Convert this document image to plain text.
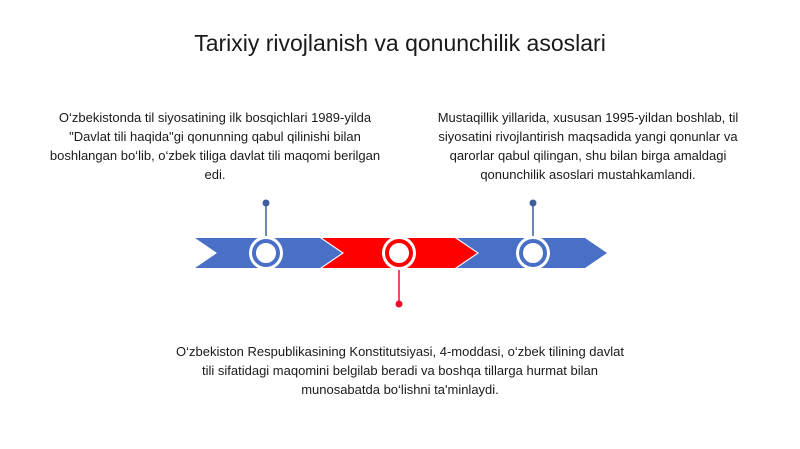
Tarixiy rivojlanish va qonunchilik asoslari
O‘zbekistonda til siyosatining ilk bosqichlari 1989-yilda "Davlat tili haqida"gi qonunning qabul qilinishi bilan boshlangan bo‘lib, o‘zbek tiliga davlat tili maqomi berilgan edi.
Mustaqillik yillarida, xususan 1995-yildan boshlab, til siyosatini rivojlantirish maqsadida yangi qonunlar va qarorlar qabul qilingan, shu bilan birga amaldagi qonunchilik asoslari mustahkamlandi.
O‘zbekiston Respublikasining Konstitutsiyasi, 4-moddasi, o‘zbek tilining davlat tili sifatidagi maqomini belgilab beradi va boshqa tillarga hurmat bilan munosabatda bo‘lishni ta'minlaydi.
